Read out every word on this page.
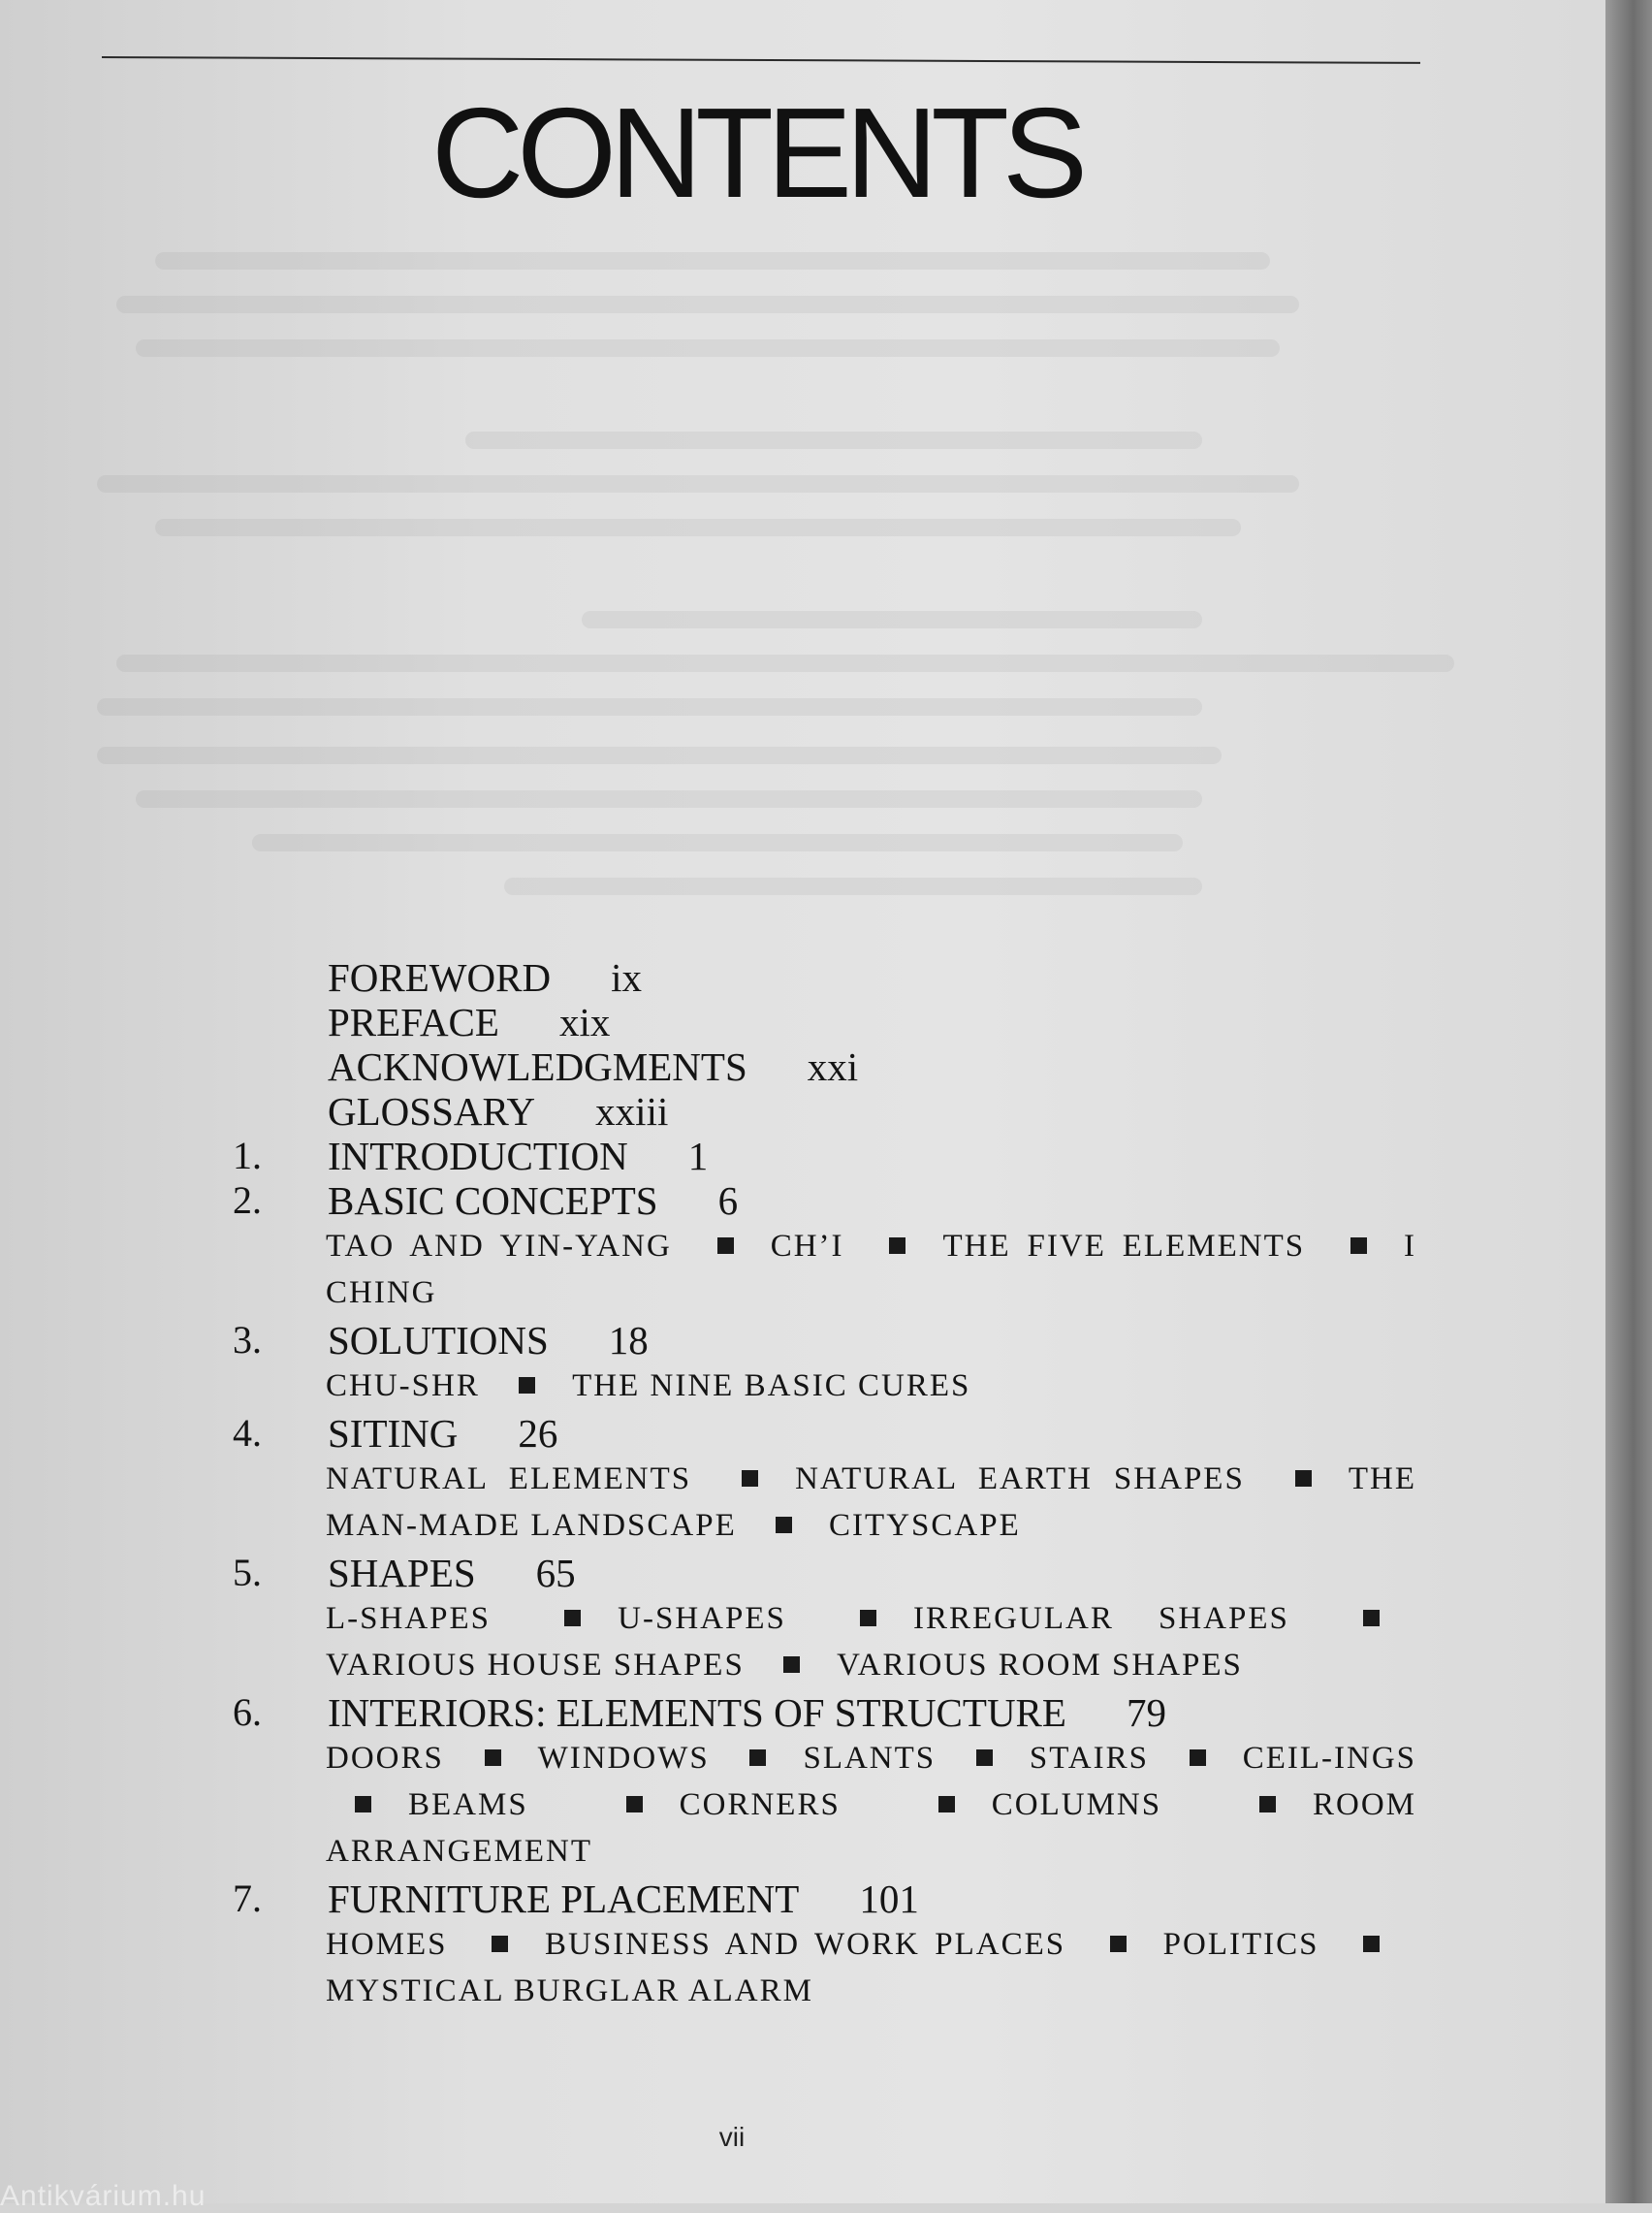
CONTENTS
FOREWORD ix
PREFACE xix
ACKNOWLEDGMENTS xxi
GLOSSARY xxiii
1.	INTRODUCTION 1
2.	BASIC CONCEPTS 6
TAO AND YIN-YANG	CH’I	THE FIVE ELEMENTS	I CHING
3.	SOLUTIONS 18
CHU-SHR	THE NINE BASIC CURES
4.	SITING 26
NATURAL ELEMENTS	NATURAL EARTH SHAPES	THE MAN-MADE LANDSCAPE	CITYSCAPE
5.	SHAPES 65
L-SHAPES	U-SHAPES	IRREGULAR SHAPES VARIOUS HOUSE SHAPES	VARIOUS ROOM SHAPES
6.	INTERIORS: ELEMENTS OF STRUCTURE 79
DOORS	WINDOWS	SLANTS	STAIRS	CEIL-INGS BEAMS	CORNERS	COLUMNS	ROOM ARRANGEMENT
7.	FURNITURE PLACEMENT 101
HOMES	BUSINESS AND WORK PLACES	POLITICS MYSTICAL BURGLAR ALARM
vii
Antikvárium.hu
